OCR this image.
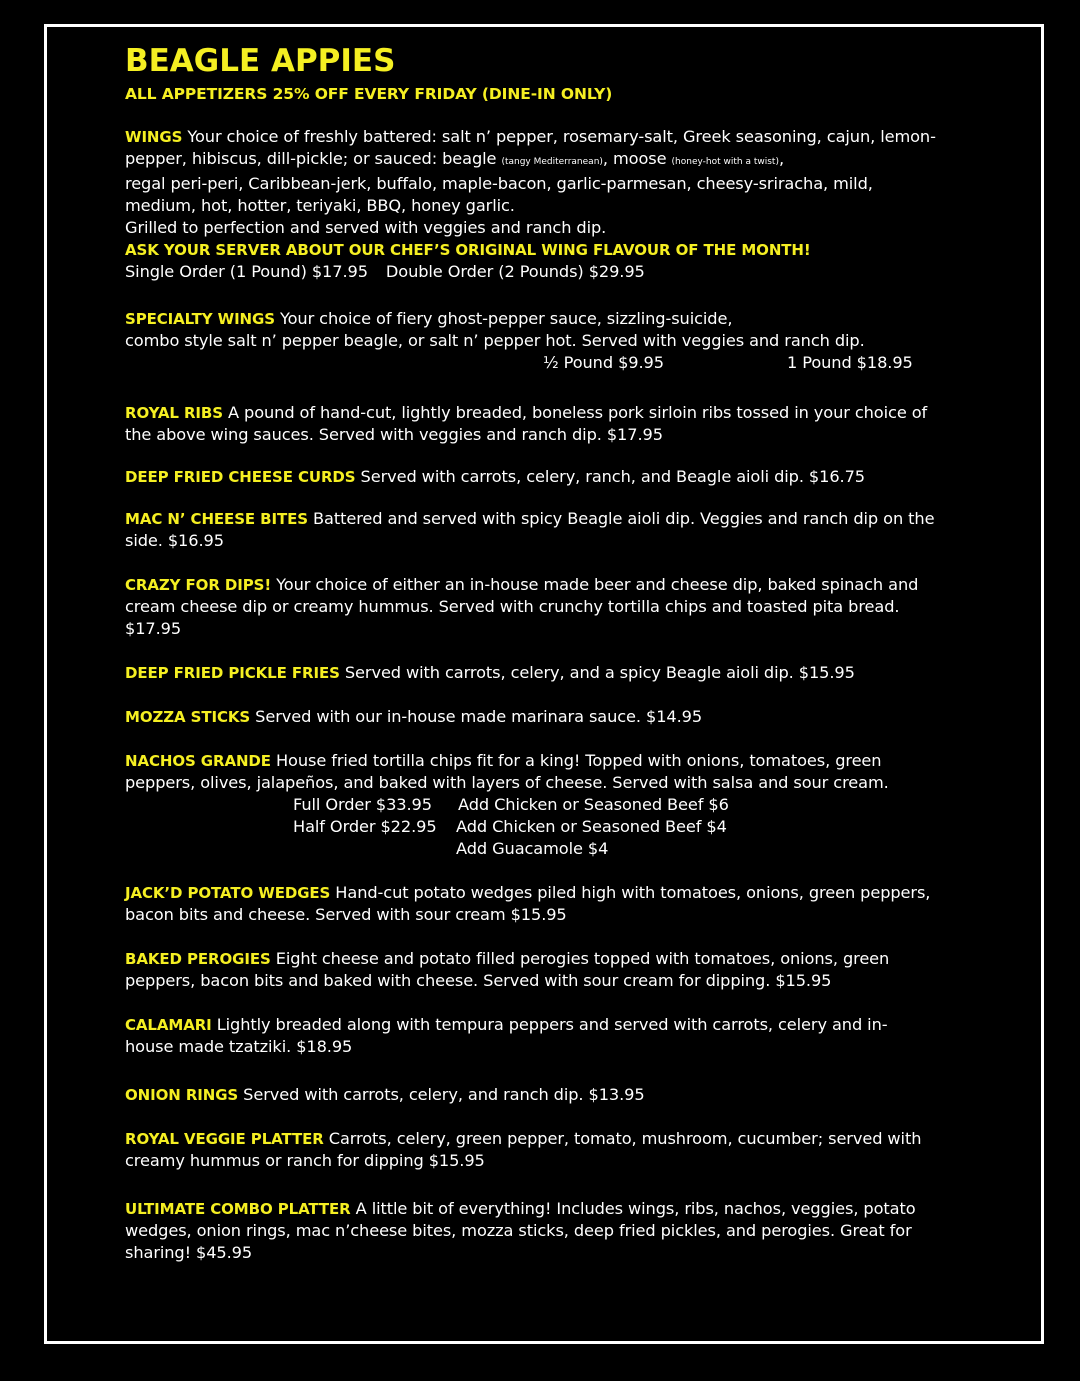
BEAGLE APPIES
ALL APPETIZERS 25% OFF EVERY FRIDAY (DINE-IN ONLY)
WINGS Your choice of freshly battered: salt n’ pepper, rosemary-salt, Greek seasoning, cajun, lemon-
pepper, hibiscus, dill-pickle; or sauced: beagle (tangy Mediterranean), moose (honey-hot with a twist),
regal peri-peri, Caribbean-jerk, buffalo, maple-bacon, garlic-parmesan, cheesy-sriracha, mild,
medium, hot, hotter, teriyaki, BBQ, honey garlic.
Grilled to perfection and served with veggies and ranch dip.
ASK YOUR SERVER ABOUT OUR CHEF’S ORIGINAL WING FLAVOUR OF THE MONTH!
Single Order (1 Pound) $17.95 Double Order (2 Pounds) $29.95
SPECIALTY WINGS Your choice of fiery ghost-pepper sauce, sizzling-suicide,
combo style salt n’ pepper beagle, or salt n’ pepper hot. Served with veggies and ranch dip.
½ Pound $9.95	1 Pound $18.95
ROYAL RIBS A pound of hand-cut, lightly breaded, boneless pork sirloin ribs tossed in your choice of
the above wing sauces. Served with veggies and ranch dip. $17.95
DEEP FRIED CHEESE CURDS Served with carrots, celery, ranch, and Beagle aioli dip. $16.75
MAC N’ CHEESE BITES Battered and served with spicy Beagle aioli dip. Veggies and ranch dip on the
side. $16.95
CRAZY FOR DIPS! Your choice of either an in-house made beer and cheese dip, baked spinach and
cream cheese dip or creamy hummus. Served with crunchy tortilla chips and toasted pita bread.
$17.95
DEEP FRIED PICKLE FRIES Served with carrots, celery, and a spicy Beagle aioli dip. $15.95
MOZZA STICKS Served with our in-house made marinara sauce. $14.95
NACHOS GRANDE House fried tortilla chips fit for a king! Topped with onions, tomatoes, green
peppers, olives, jalapeños, and baked with layers of cheese. Served with salsa and sour cream.
Full Order $33.95 Add Chicken or Seasoned Beef $6
Half Order $22.95 Add Chicken or Seasoned Beef $4
Add Guacamole $4
JACK’D POTATO WEDGES Hand-cut potato wedges piled high with tomatoes, onions, green peppers,
bacon bits and cheese. Served with sour cream $15.95
BAKED PEROGIES Eight cheese and potato filled perogies topped with tomatoes, onions, green
peppers, bacon bits and baked with cheese. Served with sour cream for dipping. $15.95
CALAMARI Lightly breaded along with tempura peppers and served with carrots, celery and in-
house made tzatziki. $18.95
ONION RINGS Served with carrots, celery, and ranch dip. $13.95
ROYAL VEGGIE PLATTER Carrots, celery, green pepper, tomato, mushroom, cucumber; served with
creamy hummus or ranch for dipping $15.95
ULTIMATE COMBO PLATTER A little bit of everything! Includes wings, ribs, nachos, veggies, potato
wedges, onion rings, mac n’cheese bites, mozza sticks, deep fried pickles, and perogies. Great for
sharing! $45.95
